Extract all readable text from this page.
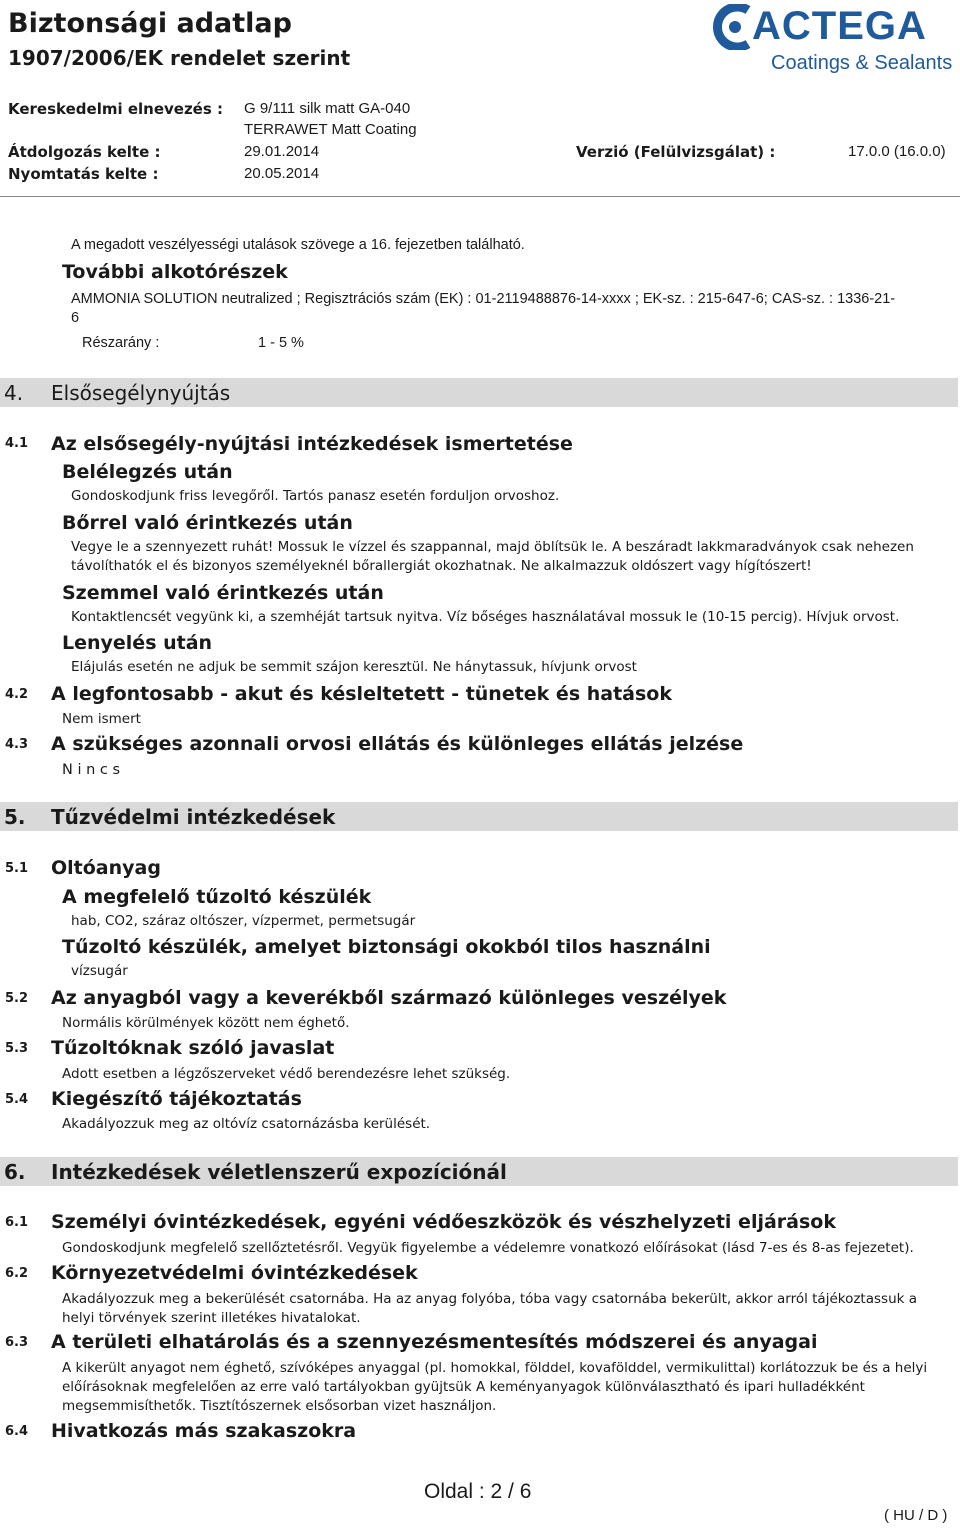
Biztonsági adatlap
1907/2006/EK rendelet szerint
ACTEGA
Coatings & Sealants
Kereskedelmi elnevezés : G 9/111 silk matt GA-040
TERRAWET Matt Coating
Átdolgozás kelte :	29.01.2014	Verzió (Felülvizsgálat) :	17.0.0 (16.0.0)
Nyomtatás kelte :	20.05.2014
A megadott veszélyességi utalások szövege a 16. fejezetben található.
További alkotórészek
AMMONIA SOLUTION neutralized ; Regisztrációs szám (EK) : 01-2119488876-14-xxxx ; EK-sz. : 215-647-6; CAS-sz. : 1336-21-
6
Részarány :	1 - 5 %
4. Elsősegélynyújtás
4.1 Az elsősegély-nyújtási intézkedések ismertetése
Belélegzés után
Gondoskodjunk friss levegőről. Tartós panasz esetén forduljon orvoshoz.
Bőrrel való érintkezés után
Vegye le a szennyezett ruhát! Mossuk le vízzel és szappannal, majd öblítsük le. A beszáradt lakkmaradványok csak nehezen
távolíthatók el és bizonyos személyeknél bőrallergiát okozhatnak. Ne alkalmazzuk oldószert vagy hígítószert!
Szemmel való érintkezés után
Kontaktlencsét vegyünk ki, a szemhéját tartsuk nyitva. Víz bőséges használatával mossuk le (10-15 percig). Hívjuk orvost.
Lenyelés után
Eláj​ulás esetén ne adjuk be semmit szájon keresztül. Ne hánytassuk, hívjunk orvost
4.2 A legfontosabb - akut és késleltetett - tünetek és hatások
Nem ismert
4.3 A szükséges azonnali orvosi ellátás és különleges ellátás jelzése
N i n c s
5. Tűzvédelmi intézkedések
5.1 Oltóanyag
A megfelelő tűzoltó készülék
hab, CO2, száraz oltószer, vízpermet, permetsugár
Tűzoltó készülék, amelyet biztonsági okokból tilos használni
vízsugár
5.2 Az anyagból vagy a keverékből származó különleges veszélyek
Normális körülmények között nem éghető.
5.3 Tűzoltóknak szóló javaslat
Adott esetben a légzőszerveket védő berendezésre lehet szükség.
5.4 Kiegészítő tájékoztatás
Akadályozzuk meg az oltóvíz csatornázásba kerülését.
6. Intézkedések véletlenszerű expozíciónál
6.1 Személyi óvintézkedések, egyéni védőeszközök és vészhelyzeti eljárások
Gondoskodjunk megfelelő szellőztetésről. Vegyük figyelembe a védelemre vonatkozó előírásokat (lásd 7-es és 8-as fejezetet).
6.2 Környezetvédelmi óvintézkedések
Akadályozzuk meg a bekerülését csatornába. Ha az anyag folyóba, tóba vagy csatornába bekerült, akkor arról tájékoztassuk a
helyi törvények szerint illetékes hivatalokat.
6.3 A területi elhatárolás és a szennyezésmentesítés módszerei és anyagai
A kikerült anyagot nem éghető, szívóképes anyaggal (pl. homokkal, földdel, kovafölddel, vermikulittal) korlátozzuk be és a helyi
előírásoknak megfelelően az erre való tartályokban gyüjtsük A keményanyagok különválasztható és ipari hulladékként
megsemmisíthetők. Tisztítószernek elsősorban vizet használjon.
6.4 Hivatkozás más szakaszokra
Oldal : 2 / 6
( HU / D )
